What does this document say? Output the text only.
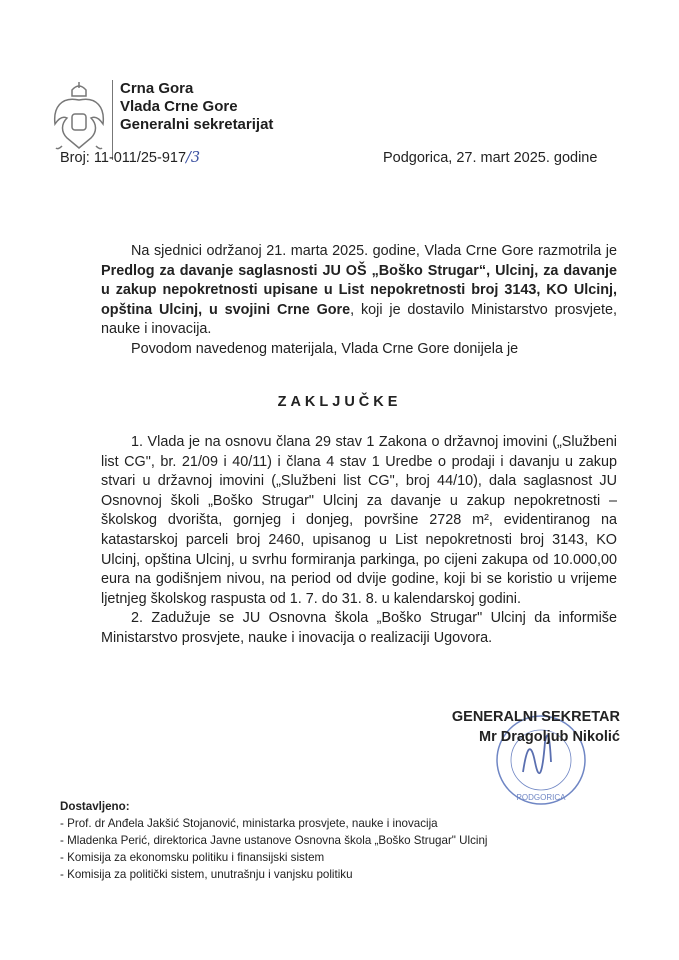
Crna Gora
Vlada Crne Gore
Generalni sekretarijat
Broj: 11-011/25-917/3	Podgorica, 27. mart 2025. godine

Na sjednici održanoj 21. marta 2025. godine, Vlada Crne Gore razmotrila je Predlog za davanje saglasnosti JU OŠ „Boško Strugar“, Ulcinj, za davanje u zakup nepokretnosti upisane u List nepokretnosti broj 3143, KO Ulcinj, opština Ulcinj, u svojini Crne Gore, koji je dostavilo Ministarstvo prosvjete, nauke i inovacija.

Povodom navedenog materijala, Vlada Crne Gore donijela je

ZAKLJUČKE

1. Vlada je na osnovu člana 29 stav 1 Zakona o državnoj imovini („Službeni list CG", br. 21/09 i 40/11) i člana 4 stav 1 Uredbe o prodaji i davanju u zakup stvari u državnoj imovini („Službeni list CG", broj 44/10), dala saglasnost JU Osnovnoj školi „Boško Strugar" Ulcinj za davanje u zakup nepokretnosti – školskog dvorišta, gornjeg i donjeg, površine 2728 m², evidentiranog na katastarskoj parceli broj 2460, upisanog u List nepokretnosti broj 3143, KO Ulcinj, opština Ulcinj, u svrhu formiranja parkinga, po cijeni zakupa od 10.000,00 eura na godišnjem nivou, na period od dvije godine, koji bi se koristio u vrijeme ljetnjeg školskog raspusta od 1. 7. do 31. 8. u kalendarskoj godini.

2. Zadužuje se JU Osnovna škola „Boško Strugar" Ulcinj da informiše Ministarstvo prosvjete, nauke i inovacija o realizaciji Ugovora.

PODGORICA
GENERALNI SEKRETAR
Mr Dragoljub Nikolić
Dostavljeno:
- Prof. dr Anđela Jakšić Stojanović, ministarka prosvjete, nauke i inovacija
- Mladenka Perić, direktorica Javne ustanove Osnovna škola „Boško Strugar" Ulcinj
- Komisija za ekonomsku politiku i finansijski sistem
- Komisija za politički sistem, unutrašnju i vanjsku politiku
